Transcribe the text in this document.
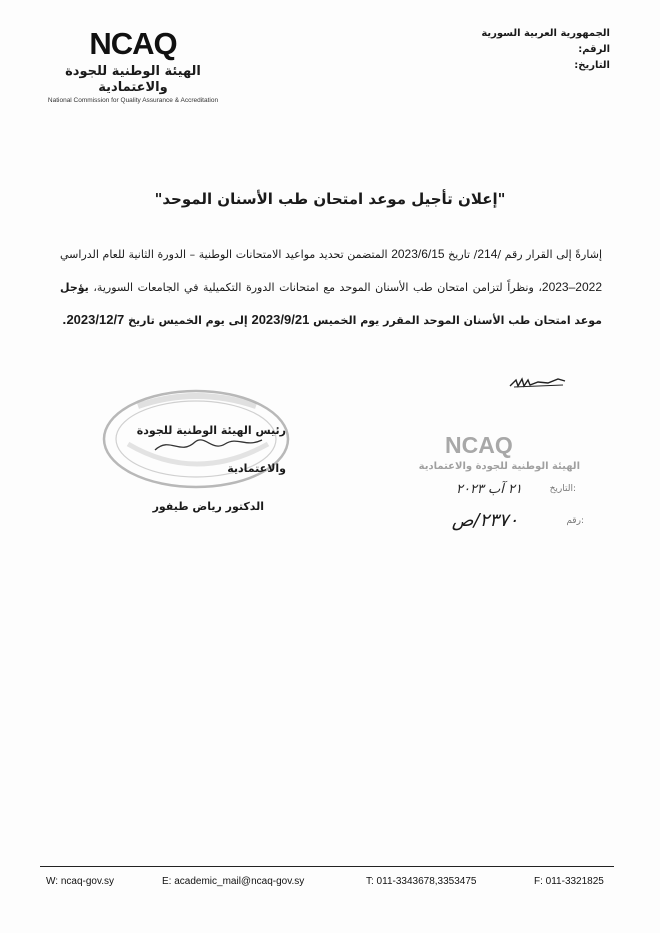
NCAQ
الهيئة الوطنية للجودة والاعتمادية
National Commission for Quality Assurance & Accreditation
الجمهورية العربية السورية
الرقم:
التاريخ:
"إعلان تأجيل موعد امتحان طب الأسنان الموحد"
إشارةً إلى القرار رقم /214/ تاريخ 2023/6/15 المتضمن تحديد مواعيد الامتحانات الوطنية – الدورة الثانية للعام الدراسي 2022–2023، ونظراً لتزامن امتحان طب الأسنان الموحد مع امتحانات الدورة التكميلية في الجامعات السورية، يؤجل موعد امتحان طب الأسنان الموحد المقرر يوم الخميس 2023/9/21 إلى يوم الخميس تاريخ 2023/12/7.
رئيس الهيئة الوطنية للجودة والاعتمادية
الدكتور رياض طيفور
NCAQ
الهيئة الوطنية للجودة والاعتمادية
التاريخ:
٢١ آب ٢٠٢٣
رقم:
٢٣٧٠/ص
W: ncaq-gov.sy	E: academic_mail@ncaq-gov.sy	T: 011-3343678,3353475	F: 011-3321825
